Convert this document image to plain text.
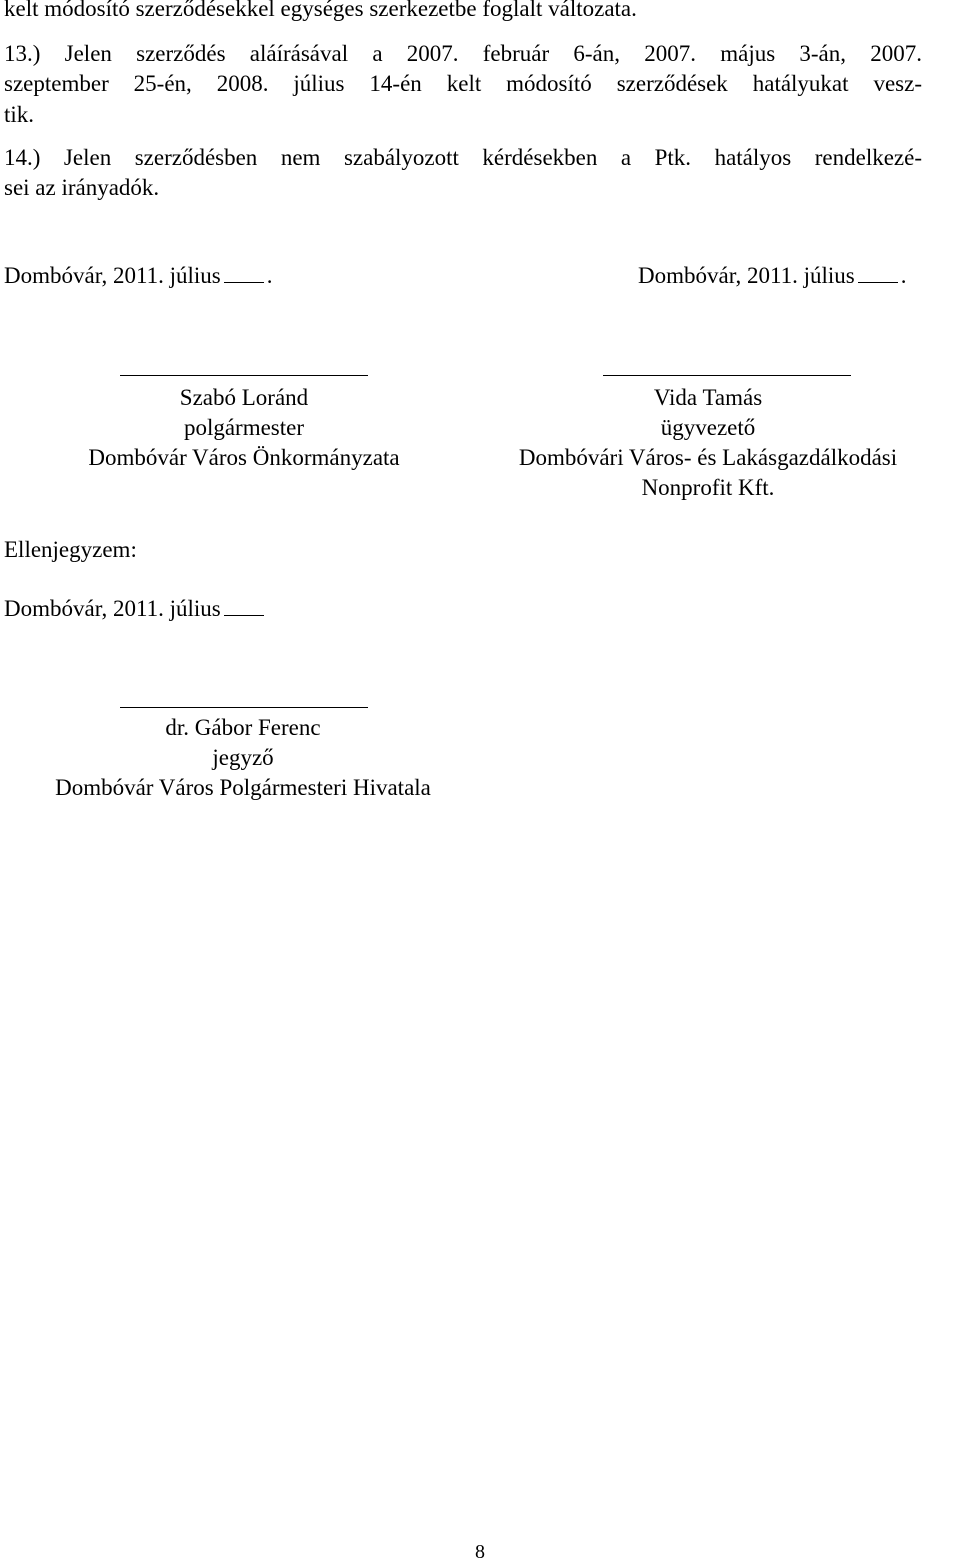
kelt módosító szerződésekkel egységes szerkezetbe foglalt változata.
13.) Jelen szerződés aláírásával a 2007. február 6-án, 2007. május 3-án, 2007.
szeptember 25-én, 2008. július 14-én kelt módosító szerződések hatályukat vesz-
tik.
14.) Jelen szerződésben nem szabályozott kérdésekben a Ptk. hatályos rendelkezé-
sei az irányadók.
Dombóvár, 2011. július .	Dombóvár, 2011. július .
Szabó Loránd
polgármester
Dombóvár Város Önkormányzata
Vida Tamás
ügyvezető
Dombóvári Város- és Lakásgazdálkodási
Nonprofit Kft.
Ellenjegyzem:
Dombóvár, 2011. július
dr. Gábor Ferenc
jegyző
Dombóvár Város Polgármesteri Hivatala
8
